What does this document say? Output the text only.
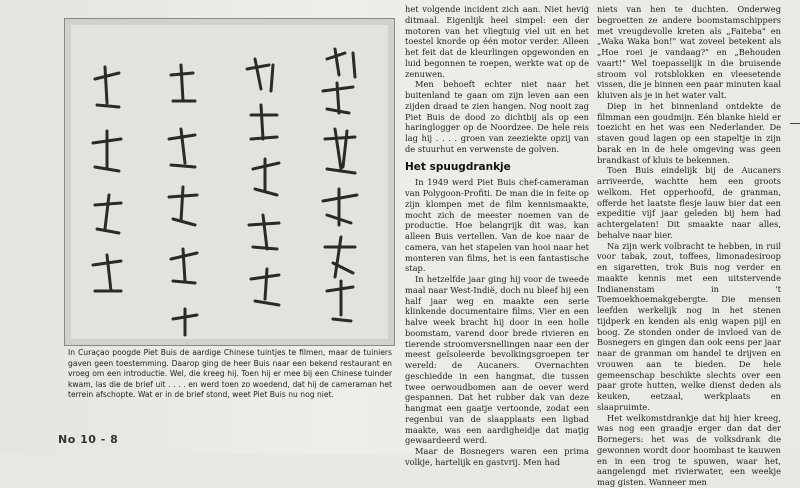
In Curaçao poogde Piet Buis de aardige Chinese tuintjes te filmen, maar de tuiniers gaven geen toestemming. Daarop ging de heer Buis naar een bekend restaurant en vroeg om een introductie. Wel, die kreeg hij. Toen hij er mee bij een Chinese tuinder kwam, las die de brief uit . . . . en werd toen zo woedend, dat hij de cameraman het terrein afschopte. Wat er in de brief stond, weet Piet Buis nu nog niet.
No 10 - 8

het volgende incident zich aan. Niet heviģ ditmaal. Eigenlijk heel simpel: een der motoren van het vliegtuig viel uit en het toestel knorde op één motor verder. Alleen het feit dat de kleurlingen opgewonden en luid begonnen te roepen, werkte wat op de zenuwen.

Men behoeft echter niet naar het buitenland te gaan om zijn leven aan een zijden draad te zien hangen. Nog nooit zag Piet Buis de dood zo dichtbij als op een haringlogger op de Noordzee. De hele reis lag hij . . . . groen van zeeziekte opzij van de stuurhut en verwenste de golven.

Het spuugdrankje

In 1949 werd Piet Buis chef-cameraman van Polygoon-Profiti. De man die in feite op zijn klompen met de film kennismaakte, mocht zich de meester noemen van de productie. Hoe belangrijk dit was, kan alleen Buis vertellen. Van de koe naar de camera, van het stapelen van hooi naar het monteren van films, het is een fantastische stap.

In hetzelfde jaar ging hij voor de tweede maal naar West-Indië, doch nu bleef hij een half jaar weg en maakte een serie klinkende documentaire films. Vier en een halve week bracht hij door in een holle boomstam, varend door brede rivieren en tierende stroomversnellingen naar een der meest geïsoleerde bevolkingsgroepen ter wereld: de Aucaners. Overnachten geschiedde in een hangmat, die tussen twee oerwoudbomen aan de oever werd gespannen. Dat het rubber dak van deze hangmat een gaatje vertoonde, zodat een regenbui van de slaapplaats een ligbad maakte, was een aardigheidje dat maţig gewaardeerd werd.

Maar de Bosnegers waren een prima volkje, hartelijk en gastvrij. Men had

niets van hen te duchten. Onderweg begroetten ze andere boomstamschippers met vreugdevolle kreten als „Faiteba" en „Waka Waka bon!" wat zoveel betekent als „Hoe roei je vandaag?" en „Behouden vaart!" Wel toepasselijk in die bruisende stroom vol rotsblokken en vleesetende vissen, die je binnen een paar minuten kaal kluiven als je in het water valt.

Diep in het binnenland ontdekte de filmman een goudmijn. Eén blanke hield er toezicht en het was een Nederlander. De staven goud lagen op een stapeltje in zijn barak en in de hele omgeving was geen brandkast of kluis te bekennen.

Toen Buis eindelijk bij de Aucaners arriveerde, wachtte hem een groots welkom. Het opperhoofd, de granman, offerde het laatste flesje lauw bier dat een expeditie vijf jaar geleden bij hem had achtergelaten! Dit smaakte naar alles, behalve naar bier.

Na zijn werk volbracht te hebben, in ruil voor tabak, zout, toffees, limonadesiroop en sigaretten, trok Buis nog verder en maakte kennis met een uitstervende Indianenstam in 't Toemoekhoemakgebergte. Die mensen leefden werkelijk nog in het stenen tijdperk en kenden als enig wapen pijl en boog. Ze stonden onder de invloed van de Bosnegers en gingen dan ook eens per jaar naar de granman om handel te drijven en vrouwen aan te bieden. De hele gemeenschap beschikte slechts over een paar grote hutten, welke dienst deden als keuken, eetzaal, werkplaats en slaapruimte.

Het welkomstdrankje dat hij hier kreeg, was nog een graadje erger dan dat der Bornegers: het was de volksdrank die gewonnen wordt door hoombast te kauwen en in een trog te spuwen, waar het, aangelengd met rivierwater, een weekje mag gisten. Wanneer men
